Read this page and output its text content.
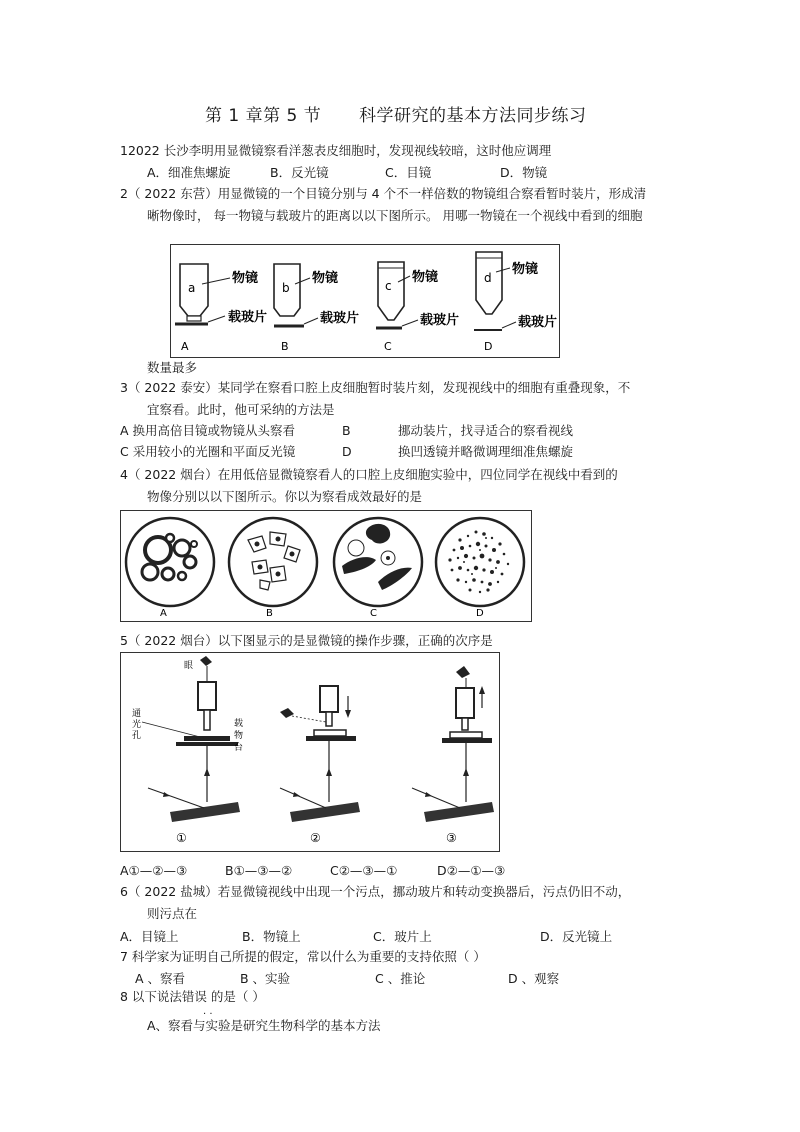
第 1 章第 5 节 科学研究的基本方法同步练习
12022 长沙李明用显微镜察看洋葱表皮细胞时，发现视线较暗，这时他应调理
A．细准焦螺旋	B．反光镜	C．目镜	D．物镜
2（ 2022 东营）用显微镜的一个目镜分别与 4 个不一样倍数的物镜组合察看暂时装片，形成清
晰物像时， 每一物镜与载玻片的距离以以下图所示。 用哪一物镜在一个视线中看到的细胞
a
物镜
载玻片
A
b
物镜
载玻片
B
c
物镜
载玻片
C
d
物镜
载玻片
D
数量最多
3（ 2022 泰安）某同学在察看口腔上皮细胞暂时装片刻，发现视线中的细胞有重叠现象，不
宜察看。此时，他可采纳的方法是
A 换用高倍目镜或物镜从头察看	B	挪动装片，找寻适合的察看视线
C 采用较小的光圈和平面反光镜	D	换凹透镜并略微调理细准焦螺旋
4（ 2022 烟台）在用低倍显微镜察看人的口腔上皮细胞实验中，四位同学在视线中看到的
物像分别以以下图所示。你以为察看成效最好的是
A	B	C	D
5（ 2022 烟台）以下图显示的是显微镜的操作步骤，正确的次序是
眼
通
光
孔
载
物
台
①	②	③
A①—②—③	B①—③—②	C②—③—①	D②—①—③
6（ 2022 盐城）若显微镜视线中出现一个污点，挪动玻片和转动变换器后，污点仍旧不动，
则污点在
A．目镜上	B．物镜上	C．玻片上	D．反光镜上
7 科学家为证明自己所提的假定，常以什么为重要的支持依照（ ）
A 、察看	B 、实验	C 、推论	D 、观察
8 以下说法错误 的是（ ）
. .
A、察看与实验是研究生物科学的基本方法
